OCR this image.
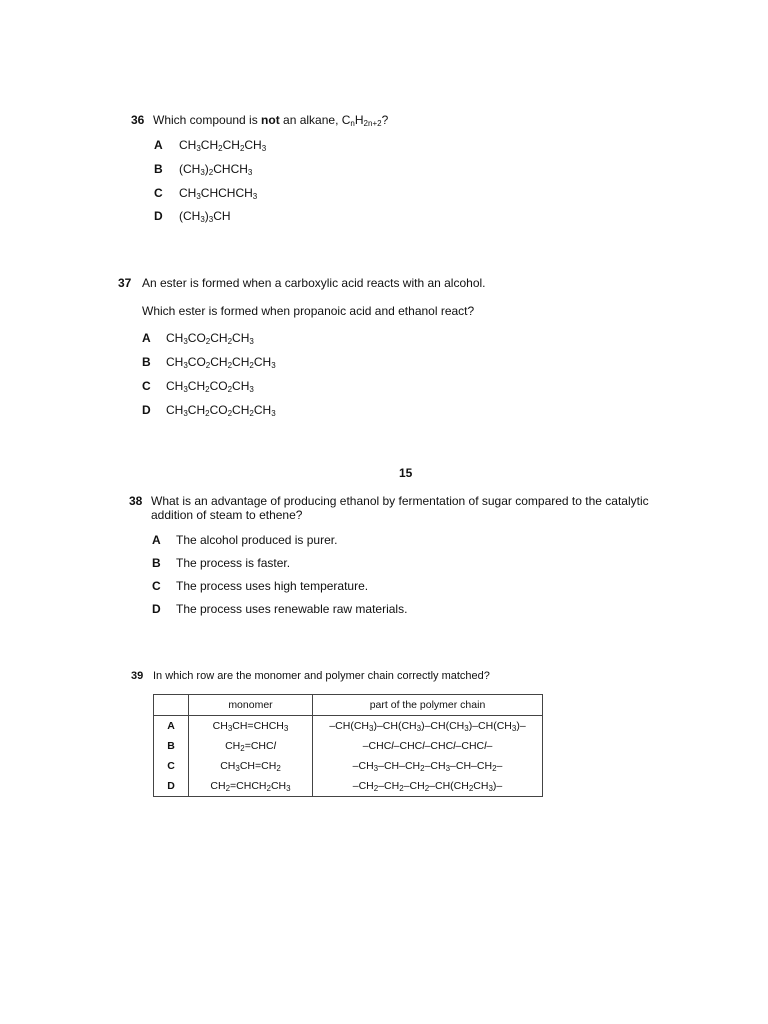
36 Which compound is not an alkane, $C_nH_{2n+2}$?
A $CH_3CH_2CH_2CH_3$
B $(CH_3)_2CHCH_3$
C $CH_3CHCHCH_3$
D $(CH_3)_3CH$
37 An ester is formed when a carboxylic acid reacts with an alcohol.
Which ester is formed when propanoic acid and ethanol react?
A $CH_3CO_2CH_2CH_3$
B $CH_3CO_2CH_2CH_2CH_3$
C $CH_3CH_2CO_2CH_3$
D $CH_3CH_2CO_2CH_2CH_3$
15
38 What is an advantage of producing ethanol by fermentation of sugar compared to the catalytic
addition of steam to ethene?
A The alcohol produced is purer.
B The process is faster.
C The process uses high temperature.
D The process uses renewable raw materials.
39 In which row are the monomer and polymer chain correctly matched?
	monomer	part of the polymer chain
A	$CH_3CH=CHCH_3$	$-CH(CH_3)-CH(CH_3)-CH(CH_3)-CH(CH_3)-$
B	$CH_2=CHCl$	–CHCl–CHCl–CHCl–CHCl–
C	$CH_3CH=CH_2$	$-CH_3-CH-CH_2-CH_3-CH-CH_2-$
D	$CH_2=CHCH_2CH_3$	$-CH_2-CH_2-CH_2-CH(CH_2CH_3)-$
